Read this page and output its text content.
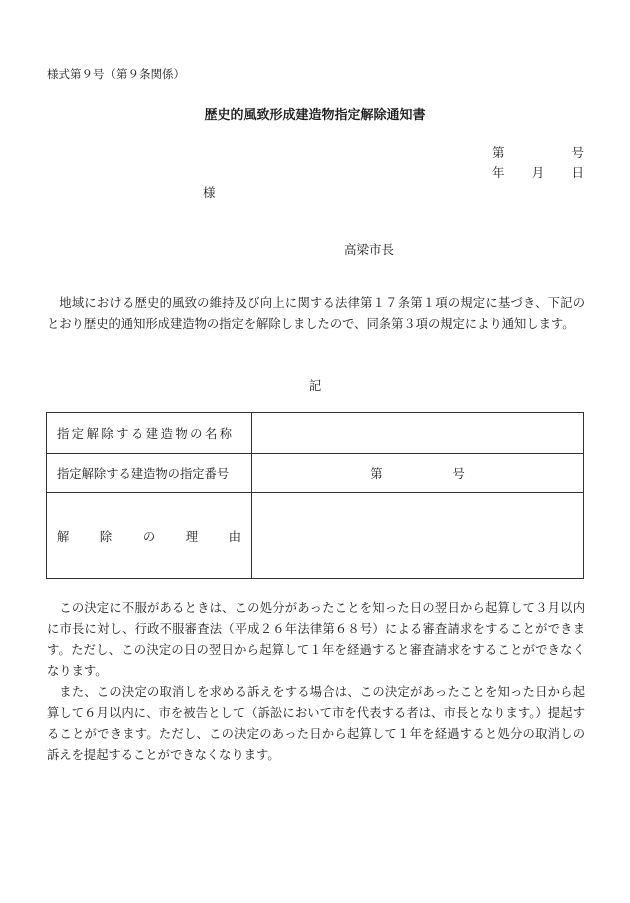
様式第９号（第９条関係）
歴史的風致形成建造物指定解除通知書
第	号
年 月 日
様
高梁市長

地域における歴史的風致の維持及び向上に関する法律第１７条第１項の規定に基づき、下記のとおり歴史的通知形成建造物の指定を解除しましたので、同条第３項の規定により通知します。

記
指定解除する建造物の名称	
指定解除する建造物の指定番号	第 号

解 除 の 理 由	

この決定に不服があるときは、この処分があったことを知った日の翌日から起算して３月以内に市長に対し、行政不服審査法（平成２６年法律第６８号）による審査請求をすることができます。ただし、この決定の日の翌日から起算して１年を経過すると審査請求をすることができなくなります。

また、この決定の取消しを求める訴えをする場合は、この決定があったことを知った日から起算して６月以内に、市を被告として（訴訟において市を代表する者は、市長となります。）提起することができます。ただし、この決定のあった日から起算して１年を経過すると処分の取消しの訴えを提起することができなくなります。
